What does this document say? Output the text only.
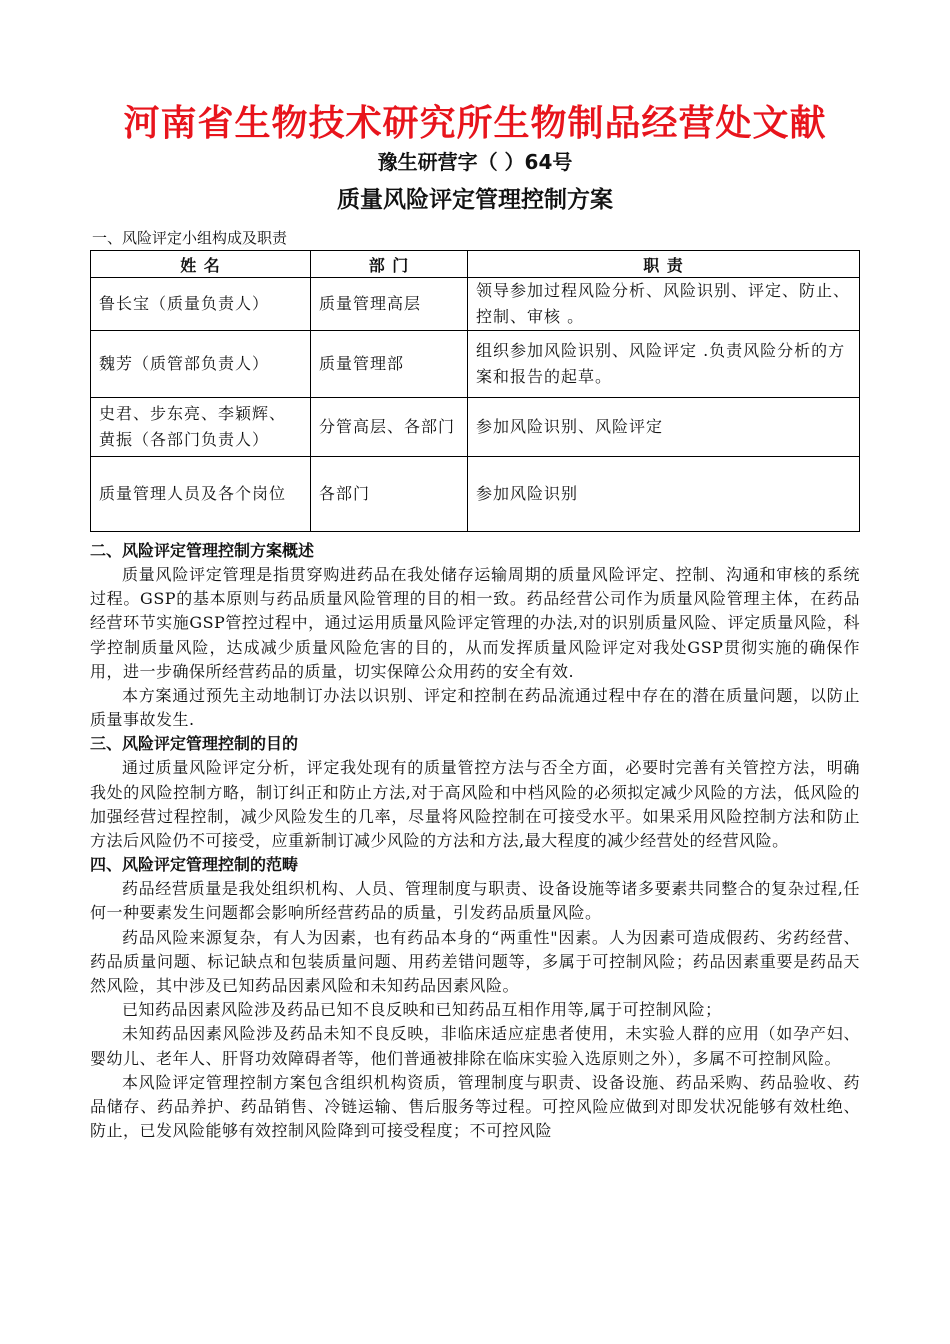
河南省生物技术研究所生物制品经营处文献
豫生研营字（ ）64号
质量风险评定管理控制方案
一、风险评定小组构成及职责
姓 名	部 门	职 责
鲁长宝（质量负责人）	质量管理高层	领导参加过程风险分析、风险识别、评定、防止、控制、审核 。
魏芳（质管部负责人）	质量管理部	组织参加风险识别、风险评定 .负责风险分析的方案和报告的起草。
史君、步东亮、李颖辉、黄振（各部门负责人）	分管高层、各部门	参加风险识别、风险评定
质量管理人员及各个岗位	各部门	参加风险识别
二、风险评定管理控制方案概述

质量风险评定管理是指贯穿购进药品在我处储存运输周期的质量风险评定、控制、沟通和审核的系统过程。GSP的基本原则与药品质量风险管理的目的相一致。药品经营公司作为质量风险管理主体，在药品经营环节实施GSP管控过程中，通过运用质量风险评定管理的办法,对的识别质量风险、评定质量风险，科学控制质量风险，达成减少质量风险危害的目的，从而发挥质量风险评定对我处GSP贯彻实施的确保作用，进一步确保所经营药品的质量，切实保障公众用药的安全有效.

本方案通过预先主动地制订办法以识别、评定和控制在药品流通过程中存在的潜在质量问题，以防止质量事故发生.

三、风险评定管理控制的目的

通过质量风险评定分析，评定我处现有的质量管控方法与否全方面，必要时完善有关管控方法，明确我处的风险控制方略，制订纠正和防止方法,对于高风险和中档风险的必须拟定减少风险的方法，低风险的加强经营过程控制，减少风险发生的几率，尽量将风险控制在可接受水平。如果采用风险控制方法和防止方法后风险仍不可接受，应重新制订减少风险的方法和方法,最大程度的减少经营处的经营风险。

四、风险评定管理控制的范畴

药品经营质量是我处组织机构、人员、管理制度与职责、设备设施等诸多要素共同整合的复杂过程,任何一种要素发生问题都会影响所经营药品的质量，引发药品质量风险。

药品风险来源复杂，有人为因素，也有药品本身的“两重性"因素。人为因素可造成假药、劣药经营、药品质量问题、标记缺点和包装质量问题、用药差错问题等，多属于可控制风险；药品因素重要是药品天然风险，其中涉及已知药品因素风险和未知药品因素风险。

已知药品因素风险涉及药品已知不良反映和已知药品互相作用等,属于可控制风险；

未知药品因素风险涉及药品未知不良反映，非临床适应症患者使用，未实验人群的应用（如孕产妇、婴幼儿、老年人、肝肾功效障碍者等，他们普通被排除在临床实验入选原则之外），多属不可控制风险。

本风险评定管理控制方案包含组织机构资质，管理制度与职责、设备设施、药品采购、药品验收、药品储存、药品养护、药品销售、冷链运输、售后服务等过程。可控风险应做到对即发状况能够有效杜绝、防止，已发风险能够有效控制风险降到可接受程度；不可控风险
